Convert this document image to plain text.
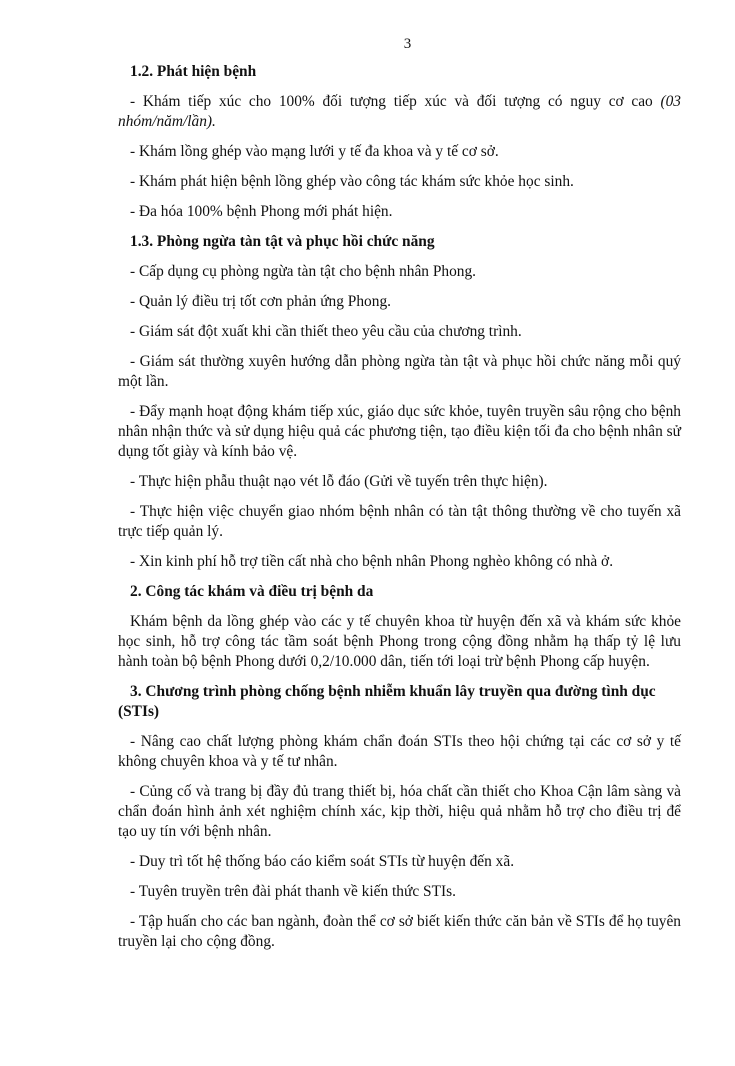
3
1.2. Phát hiện bệnh
- Khám tiếp xúc cho 100% đối tượng tiếp xúc và đối tượng có nguy cơ cao (03 nhóm/năm/lần).
- Khám lồng ghép vào mạng lưới y tế đa khoa và y tế cơ sở.
- Khám phát hiện bệnh lồng ghép vào công tác khám sức khỏe học sinh.
- Đa hóa 100% bệnh Phong mới phát hiện.
1.3. Phòng ngừa tàn tật và phục hồi chức năng
- Cấp dụng cụ phòng ngừa tàn tật cho bệnh nhân Phong.
- Quản lý điều trị tốt cơn phản ứng Phong.
- Giám sát đột xuất khi cần thiết theo yêu cầu của chương trình.
- Giám sát thường xuyên hướng dẫn phòng ngừa tàn tật và phục hồi chức năng mỗi quý một lần.
- Đẩy mạnh hoạt động khám tiếp xúc, giáo dục sức khỏe, tuyên truyền sâu rộng cho bệnh nhân nhận thức và sử dụng hiệu quả các phương tiện, tạo điều kiện tối đa cho bệnh nhân sử dụng tốt giày và kính bảo vệ.
- Thực hiện phẫu thuật nạo vét lỗ đáo (Gửi về tuyến trên thực hiện).
- Thực hiện việc chuyển giao nhóm bệnh nhân có tàn tật thông thường về cho tuyến xã trực tiếp quản lý.
- Xin kinh phí hỗ trợ tiền cất nhà cho bệnh nhân Phong nghèo không có nhà ở.
2. Công tác khám và điều trị bệnh da
Khám bệnh da lồng ghép vào các y tế chuyên khoa từ huyện đến xã và khám sức khỏe học sinh, hỗ trợ công tác tầm soát bệnh Phong trong cộng đồng nhằm hạ thấp tỷ lệ lưu hành toàn bộ bệnh Phong dưới 0,2/10.000 dân, tiến tới loại trừ bệnh Phong cấp huyện.
3. Chương trình phòng chống bệnh nhiễm khuẩn lây truyền qua đường tình dục (STIs)
- Nâng cao chất lượng phòng khám chẩn đoán STIs theo hội chứng tại các cơ sở y tế không chuyên khoa và y tế tư nhân.
- Củng cố và trang bị đầy đủ trang thiết bị, hóa chất cần thiết cho Khoa Cận lâm sàng và chẩn đoán hình ảnh xét nghiệm chính xác, kịp thời, hiệu quả nhằm hỗ trợ cho điều trị để tạo uy tín với bệnh nhân.
- Duy trì tốt hệ thống báo cáo kiểm soát STIs từ huyện đến xã.
- Tuyên truyền trên đài phát thanh về kiến thức STIs.
- Tập huấn cho các ban ngành, đoàn thể cơ sở biết kiến thức căn bản về STIs để họ tuyên truyền lại cho cộng đồng.
